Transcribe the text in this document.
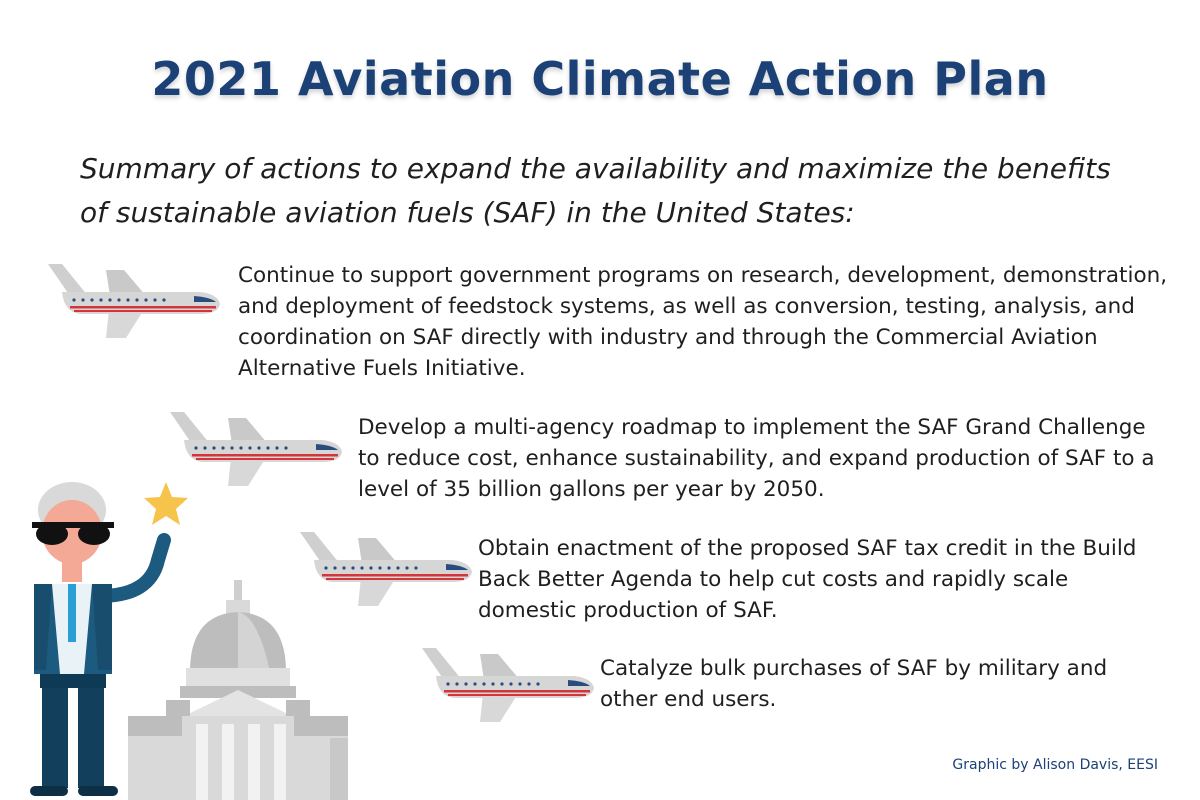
2021 Aviation Climate Action Plan
Summary of actions to expand the availability and maximize the benefits of sustainable aviation fuels (SAF) in the United States:
Continue to support government programs on research, development, demonstration, and deployment of feedstock systems, as well as conversion, testing, analysis, and coordination on SAF directly with industry and through the Commercial Aviation Alternative Fuels Initiative.
Develop a multi-agency roadmap to implement the SAF Grand Challenge to reduce cost, enhance sustainability, and expand production of SAF to a level of 35 billion gallons per year by 2050.
Obtain enactment of the proposed SAF tax credit in the Build Back Better Agenda to help cut costs and rapidly scale domestic production of SAF.
Catalyze bulk purchases of SAF by military and other end users.
Graphic by Alison Davis, EESI
